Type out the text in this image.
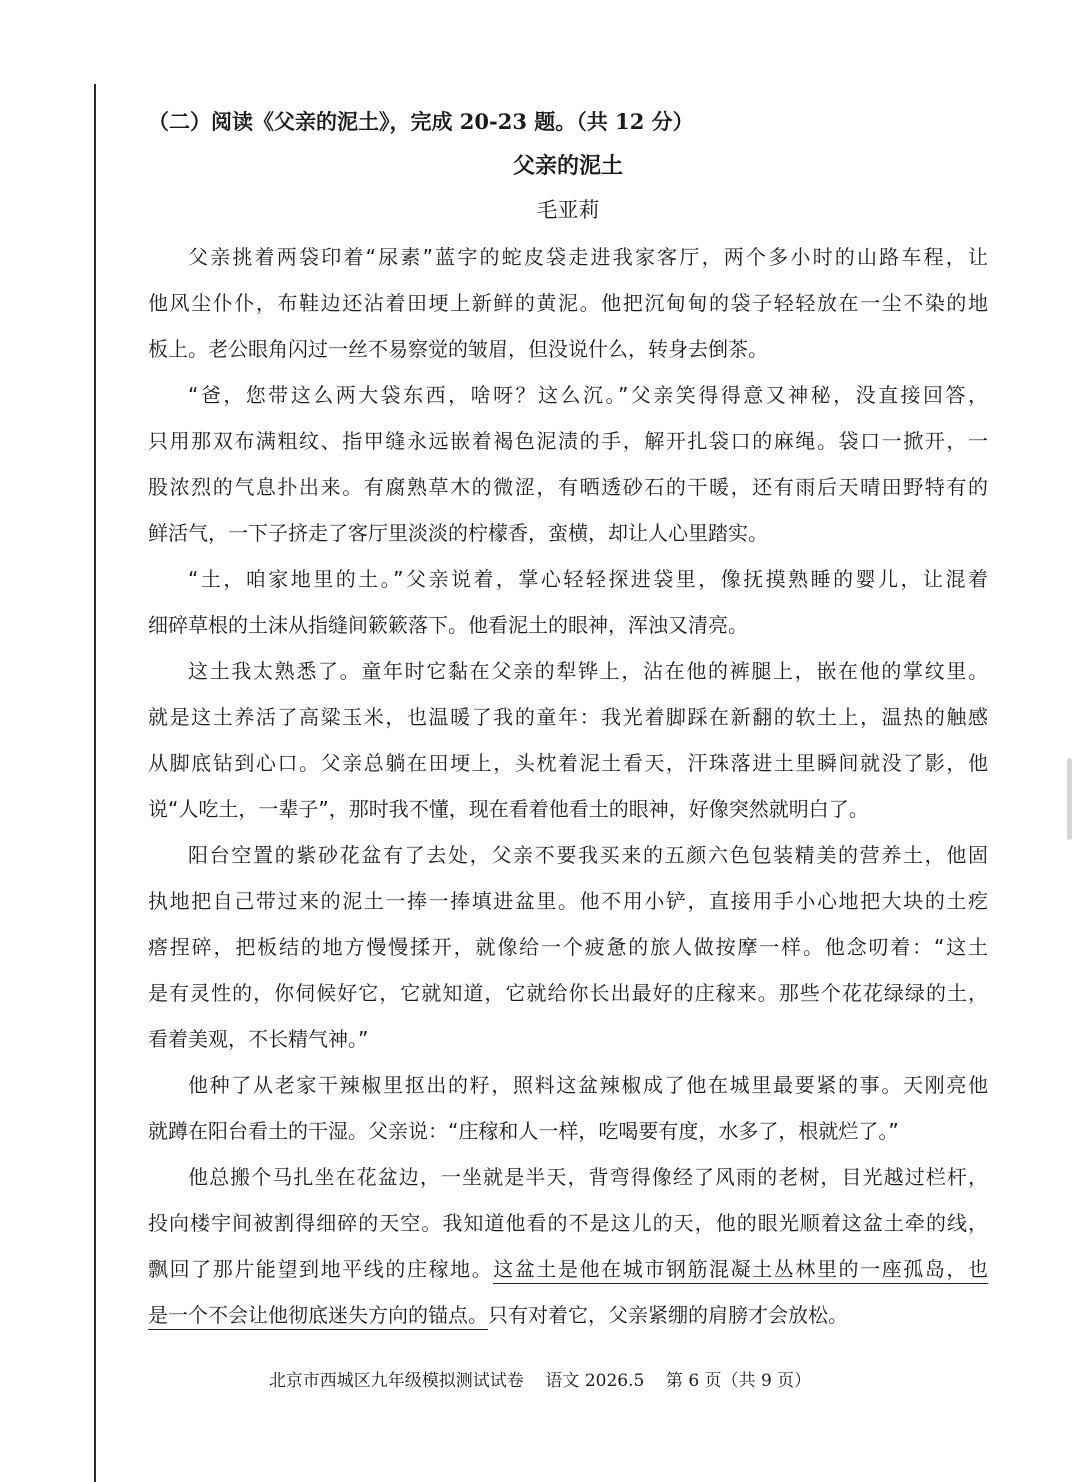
（二）阅读《父亲的泥土》，完成 20-23 题。（共 12 分）
父亲的泥土
毛亚莉

父亲挑着两袋印着“尿素”蓝字的蛇皮袋走进我家客厅，两个多小时的山路车程，让
他风尘仆仆，布鞋边还沾着田埂上新鲜的黄泥。他把沉甸甸的袋子轻轻放在一尘不染的地
板上。老公眼角闪过一丝不易察觉的皱眉，但没说什么，转身去倒茶。

“爸，您带这么两大袋东西，啥呀？这么沉。”父亲笑得得意又神秘，没直接回答，
只用那双布满粗纹、指甲缝永远嵌着褐色泥渍的手，解开扎袋口的麻绳。袋口一掀开，一
股浓烈的气息扑出来。有腐熟草木的微涩，有晒透砂石的干暖，还有雨后天晴田野特有的
鲜活气，一下子挤走了客厅里淡淡的柠檬香，蛮横，却让人心里踏实。

“土，咱家地里的土。”父亲说着，掌心轻轻探进袋里，像抚摸熟睡的婴儿，让混着
细碎草根的土沫从指缝间簌簌落下。他看泥土的眼神，浑浊又清亮。

这土我太熟悉了。童年时它黏在父亲的犁铧上，沾在他的裤腿上，嵌在他的掌纹里。
就是这土养活了高粱玉米，也温暖了我的童年：我光着脚踩在新翻的软土上，温热的触感
从脚底钻到心口。父亲总躺在田埂上，头枕着泥土看天，汗珠落进土里瞬间就没了影，他
说“人吃土，一辈子”，那时我不懂，现在看着他看土的眼神，好像突然就明白了。

阳台空置的紫砂花盆有了去处，父亲不要我买来的五颜六色包装精美的营养土，他固
执地把自己带过来的泥土一捧一捧填进盆里。他不用小铲，直接用手小心地把大块的土疙
瘩捏碎，把板结的地方慢慢揉开，就像给一个疲惫的旅人做按摩一样。他念叨着：“这土
是有灵性的，你伺候好它，它就知道，它就给你长出最好的庄稼来。那些个花花绿绿的土，
看着美观，不长精气神。”

他种了从老家干辣椒里抠出的籽，照料这盆辣椒成了他在城里最要紧的事。天刚亮他
就蹲在阳台看土的干湿。父亲说：“庄稼和人一样，吃喝要有度，水多了，根就烂了。”

他总搬个马扎坐在花盆边，一坐就是半天，背弯得像经了风雨的老树，目光越过栏杆，
投向楼宇间被割得细碎的天空。我知道他看的不是这儿的天，他的眼光顺着这盆土牵的线，
飘回了那片能望到地平线的庄稼地。这盆土是他在城市钢筋混凝土丛林里的一座孤岛，也
是一个不会让他彻底迷失方向的锚点。只有对着它，父亲紧绷的肩膀才会放松。

北京市西城区九年级模拟测试试卷    语文 2026.5    第 6 页（共 9 页）
